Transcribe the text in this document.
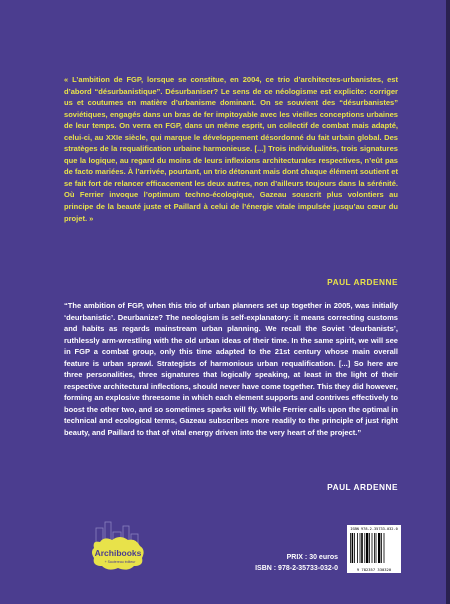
« L’ambition de FGP, lorsque se constitue, en 2004, ce trio d’architectes-urbanistes, est d’abord “désurbanistique”. Désurbaniser? Le sens de ce néologisme est explicite: corriger us et coutumes en matière d’urbanisme dominant. On se souvient des “désurbanistes” soviétiques, engagés dans un bras de fer impitoyable avec les vieilles conceptions urbaines de leur temps. On verra en FGP, dans un même esprit, un collectif de combat mais adapté, celui-ci, au XXIe siècle, qui marque le développement désordonné du fait urbain global. Des stratèges de la requalification urbaine harmonieuse. [...] Trois individualités, trois signatures que la logique, au regard du moins de leurs inflexions architecturales respectives, n’eût pas de facto mariées. À l’arrivée, pourtant, un trio détonant mais dont chaque élément soutient et se fait fort de relancer efficacement les deux autres, non d’ailleurs toujours dans la sérénité. Où Ferrier invoque l’optimum techno-écologique, Gazeau souscrit plus volontiers au principe de la beauté juste et Paillard à celui de l’énergie vitale impulsée jusqu’au cœur du projet. »

PAUL ARDENNE

“The ambition of FGP, when this trio of urban planners set up together in 2005, was initially ‘deurbanistic’. Deurbanize? The neologism is self-explanatory: it means correcting customs and habits as regards mainstream urban planning. We recall the Soviet ‘deurbanists’, ruthlessly arm-wrestling with the old urban ideas of their time. In the same spirit, we will see in FGP a combat group, only this time adapted to the 21st century whose main overall feature is urban sprawl. Strategists of harmonious urban requalification. [...] So here are three personalities, three signatures that logically speaking, at least in the light of their respective architectural inflections, should never have come together. This they did however, forming an explosive threesome in which each element supports and contrives effectively to boost the other two, and so sometimes sparks will fly. While Ferrier calls upon the optimal in technical and ecological terms, Gazeau subscribes more readily to the principle of just right beauty, and Paillard to that of vital energy driven into the very heart of the project.”

PAUL ARDENNE
Archibooks
+ Sautereau éditeur
PRIX : 30 euros
ISBN : 978-2-35733-032-0
ISBN 978-2-35733-032-0
9 782357 330320
